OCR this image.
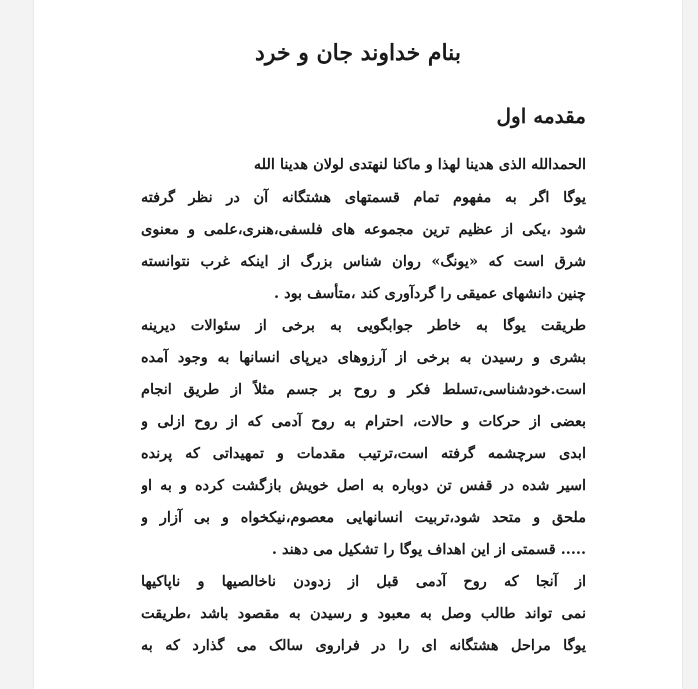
بنام خداوند جان و خرد
مقدمه اول

الحمدالله الذی هدینا لهذا و ماکنا لنهتدی لولان هدینا الله

یوگا اگر به مفهوم تمام قسمتهای هشتگانه آن در نظر گرفته

شود ،یکی از عظیم ترین مجموعه های فلسفی،هنری،علمی و معنوی

شرق است که «یونگ» روان شناس بزرگ از اینکه غرب نتوانسته

چنین دانشهای عمیقی را گردآوری کند ،متأسف بود .

طریقت یوگا به خاطر جوابگویی به برخی از سئوالات دیرینه

بشری و رسیدن به برخی از آرزوهای دیرپای انسانها به وجود آمده

است.خودشناسی،تسلط فکر و روح بر جسم مثلاً از طریق انجام

بعضی از حرکات و حالات، احترام به روح آدمی که از روح ازلی و

ابدی سرچشمه گرفته است،ترتیب مقدمات و تمهیداتی که پرنده

اسیر شده در قفس تن دوباره به اصل خویش بازگشت کرده و به او

ملحق و متحد شود،تربیت انسانهایی معصوم،نیکخواه و بی آزار و

..... قسمتی از این اهداف یوگا را تشکیل می دهند .

از آنجا که روح آدمی قبل از زدودن ناخالصیها و ناپاکیها

نمی تواند طالب وصل به معبود و رسیدن به مقصود باشد ،طریقت

یوگا مراحل هشتگانه ای را در فراروی سالک می گذارد که به
